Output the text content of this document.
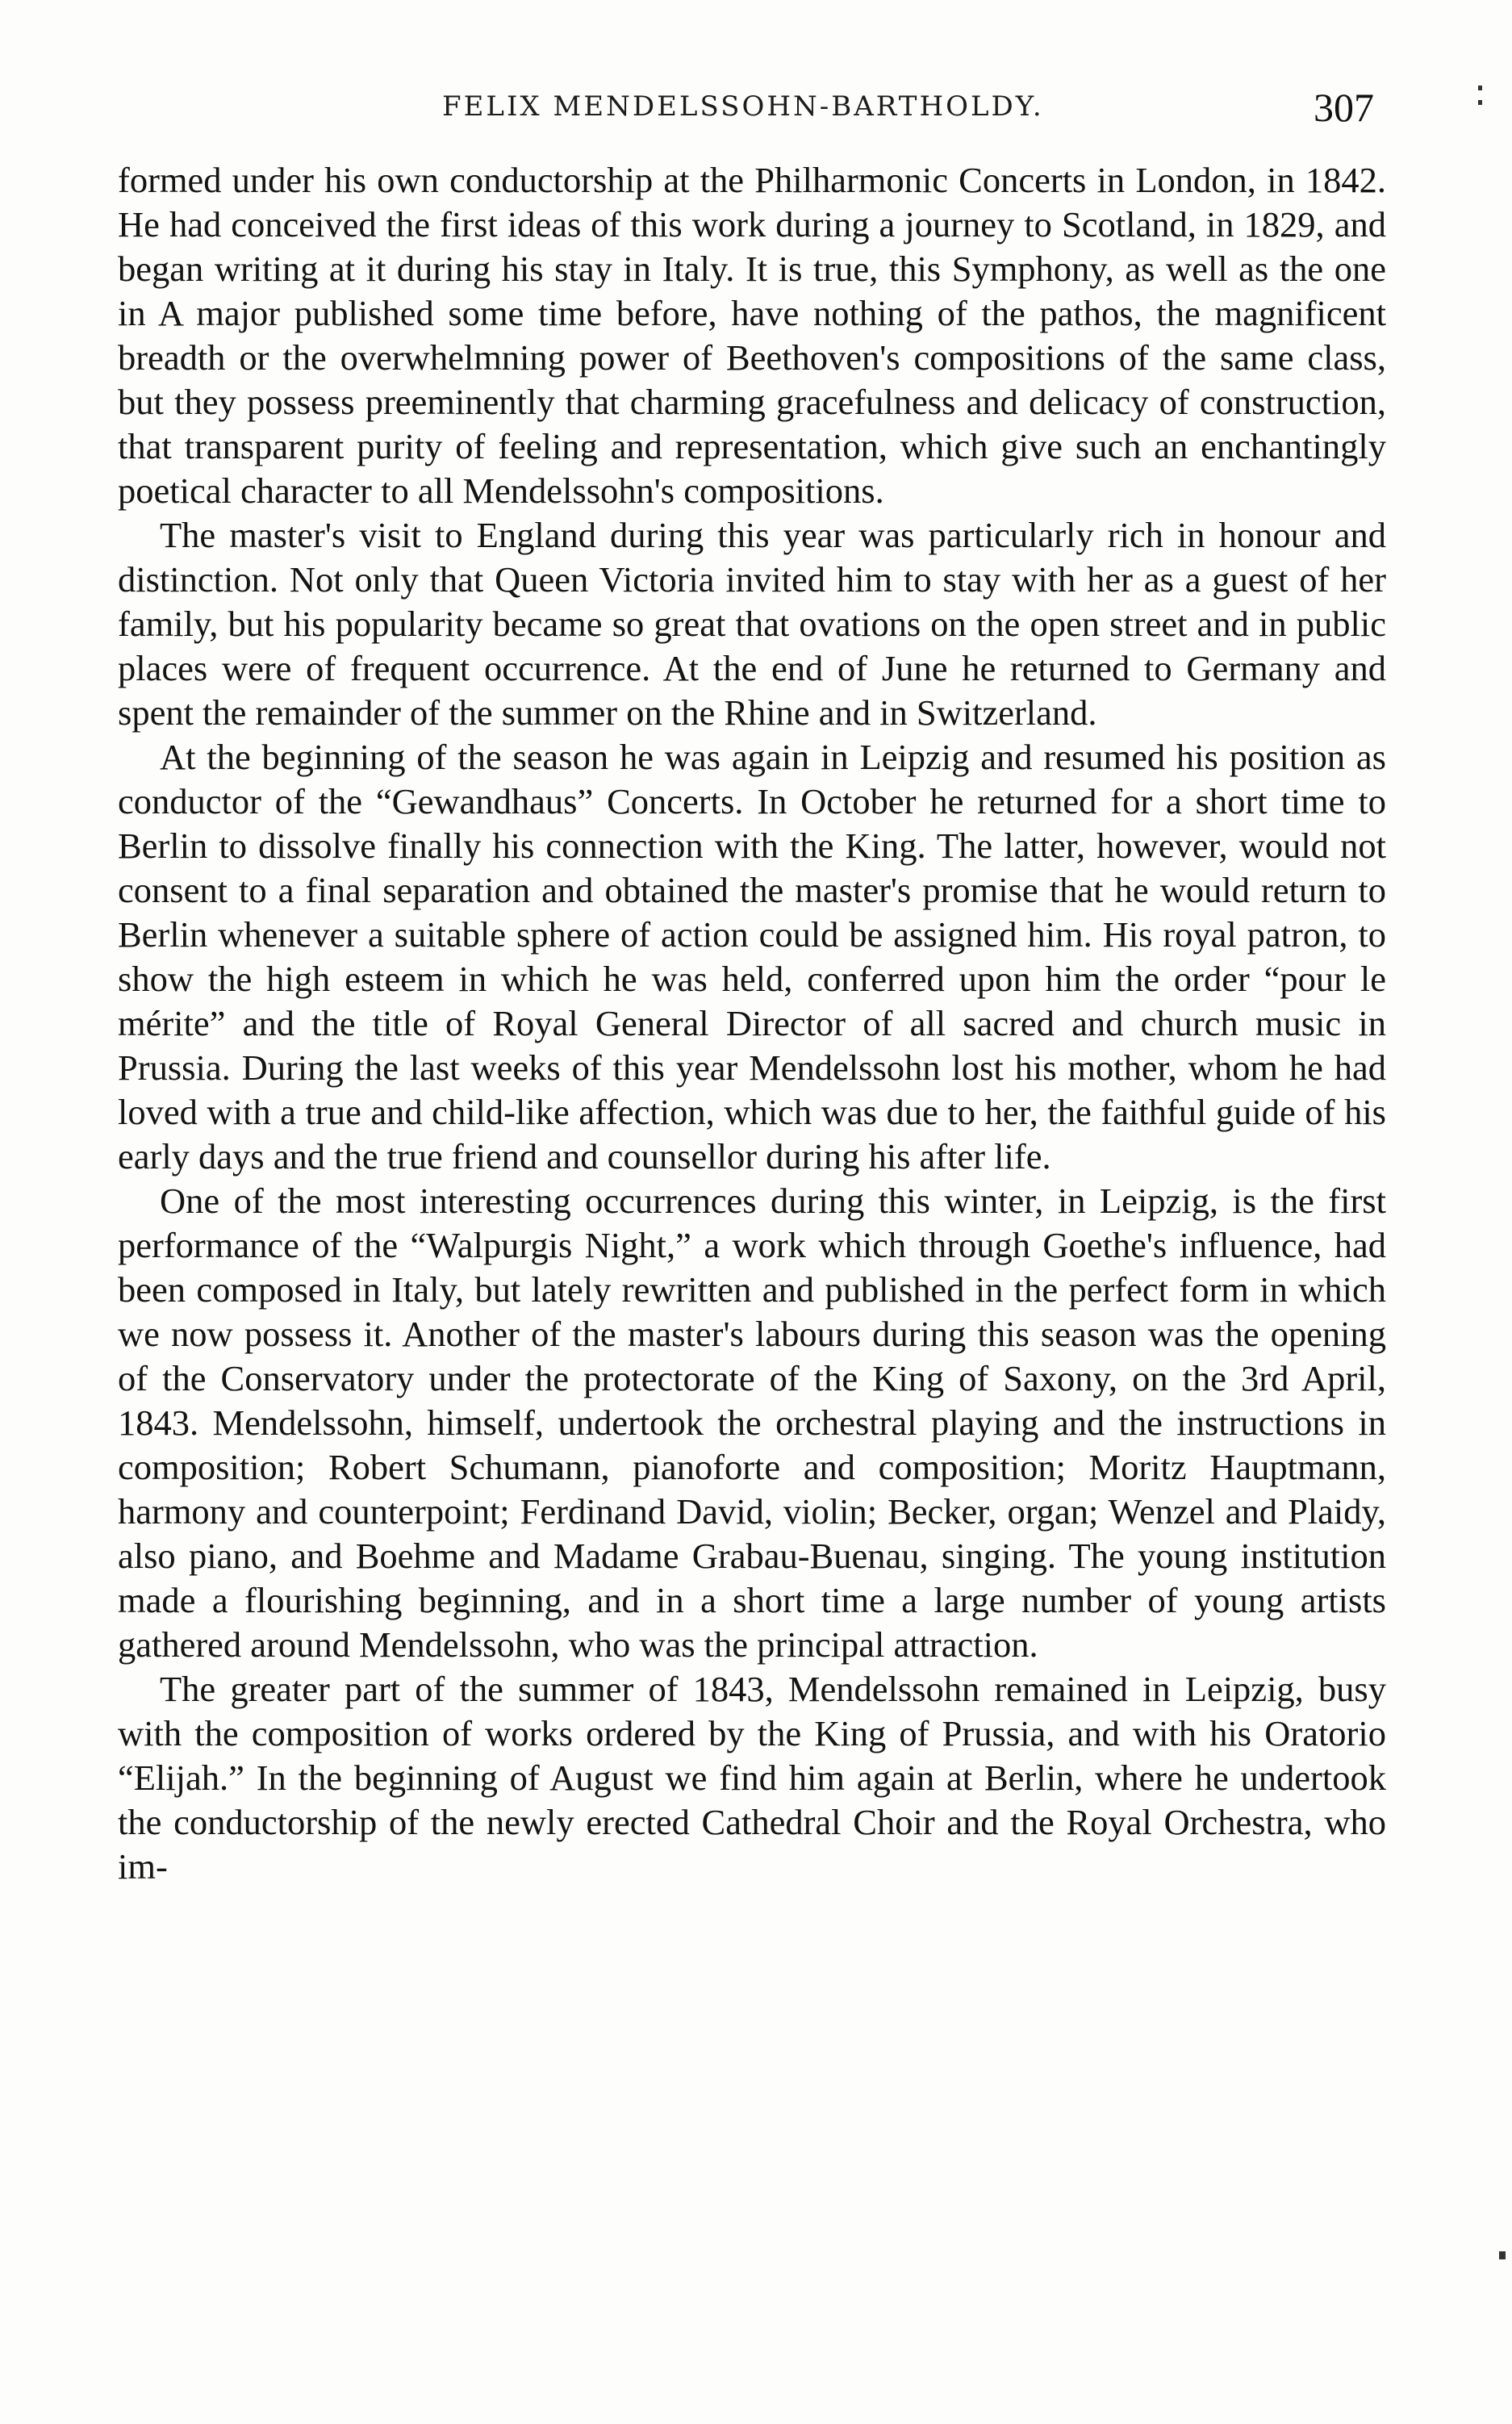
FELIX MENDELSSOHN-BARTHOLDY.	307

formed under his own conductorship at the Philharmonic Concerts in London, in 1842. He had conceived the first ideas of this work during a journey to Scotland, in 1829, and began writing at it during his stay in Italy. It is true, this Symphony, as well as the one in A major published some time before, have nothing of the pathos, the magnificent breadth or the overwhelmning power of Beethoven's compositions of the same class, but they possess preeminently that charming gracefulness and delicacy of construction, that transparent purity of feeling and representation, which give such an enchantingly poetical character to all Mendelssohn's compositions.

The master's visit to England during this year was particularly rich in honour and distinction. Not only that Queen Victoria invited him to stay with her as a guest of her family, but his popularity became so great that ovations on the open street and in public places were of frequent occurrence. At the end of June he returned to Germany and spent the remainder of the summer on the Rhine and in Switzerland.

At the beginning of the season he was again in Leipzig and resumed his position as conductor of the “Gewandhaus” Concerts. In October he returned for a short time to Berlin to dissolve finally his connection with the King. The latter, however, would not consent to a final separation and obtained the master's promise that he would return to Berlin whenever a suitable sphere of action could be assigned him. His royal patron, to show the high esteem in which he was held, conferred upon him the order “pour le mérite” and the title of Royal General Director of all sacred and church music in Prussia. During the last weeks of this year Mendelssohn lost his mother, whom he had loved with a true and child-like affection, which was due to her, the faithful guide of his early days and the true friend and counsellor during his after life.

One of the most interesting occurrences during this winter, in Leipzig, is the first performance of the “Walpurgis Night,” a work which through Goethe's influence, had been composed in Italy, but lately rewritten and published in the perfect form in which we now possess it. Another of the master's labours during this season was the opening of the Conservatory under the protectorate of the King of Saxony, on the 3rd April, 1843. Mendelssohn, himself, undertook the orchestral playing and the instructions in composition; Robert Schumann, pianoforte and composition; Moritz Hauptmann, harmony and counterpoint; Ferdinand David, violin; Becker, organ; Wenzel and Plaidy, also piano, and Boehme and Madame Grabau-Buenau, singing. The young institution made a flourishing beginning, and in a short time a large number of young artists gathered around Mendelssohn, who was the principal attraction.

The greater part of the summer of 1843, Mendelssohn remained in Leipzig, busy with the composition of works ordered by the King of Prussia, and with his Oratorio “Elijah.” In the beginning of August we find him again at Berlin, where he undertook the conductorship of the newly erected Cathedral Choir and the Royal Orchestra, who im-
